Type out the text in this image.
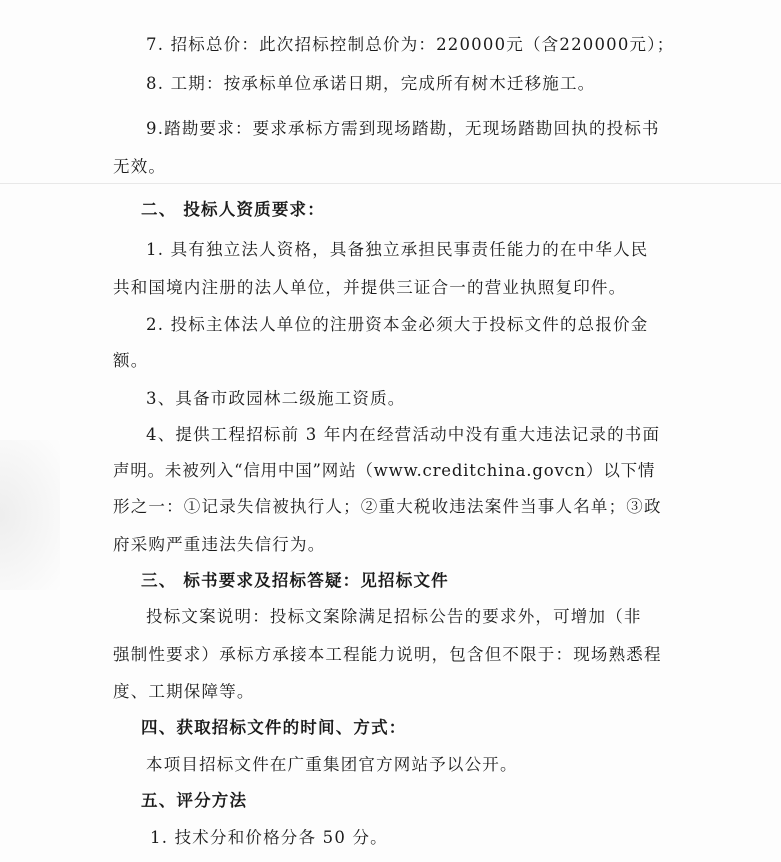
7. 招标总价：此次招标控制总价为：220000元（含220000元）；
8. 工期：按承标单位承诺日期，完成所有树木迁移施工。
9.踏勘要求：要求承标方需到现场踏勘，无现场踏勘回执的投标书
无效。
二、 投标人资质要求：
1. 具有独立法人资格，具备独立承担民事责任能力的在中华人民
共和国境内注册的法人单位，并提供三证合一的营业执照复印件。
2. 投标主体法人单位的注册资本金必须大于投标文件的总报价金
额。
3、具备市政园林二级施工资质。
4、提供工程招标前 3 年内在经营活动中没有重大违法记录的书面
声明。未被列入“信用中国”网站（www.creditchina.govcn）以下情
形之一：①记录失信被执行人；②重大税收违法案件当事人名单；③政
府采购严重违法失信行为。
三、 标书要求及招标答疑：见招标文件
投标文案说明：投标文案除满足招标公告的要求外，可增加（非
强制性要求）承标方承接本工程能力说明，包含但不限于：现场熟悉程
度、工期保障等。
四、获取招标文件的时间、方式：
本项目招标文件在广重集团官方网站予以公开。
五、评分方法
1. 技术分和价格分各 50 分。
